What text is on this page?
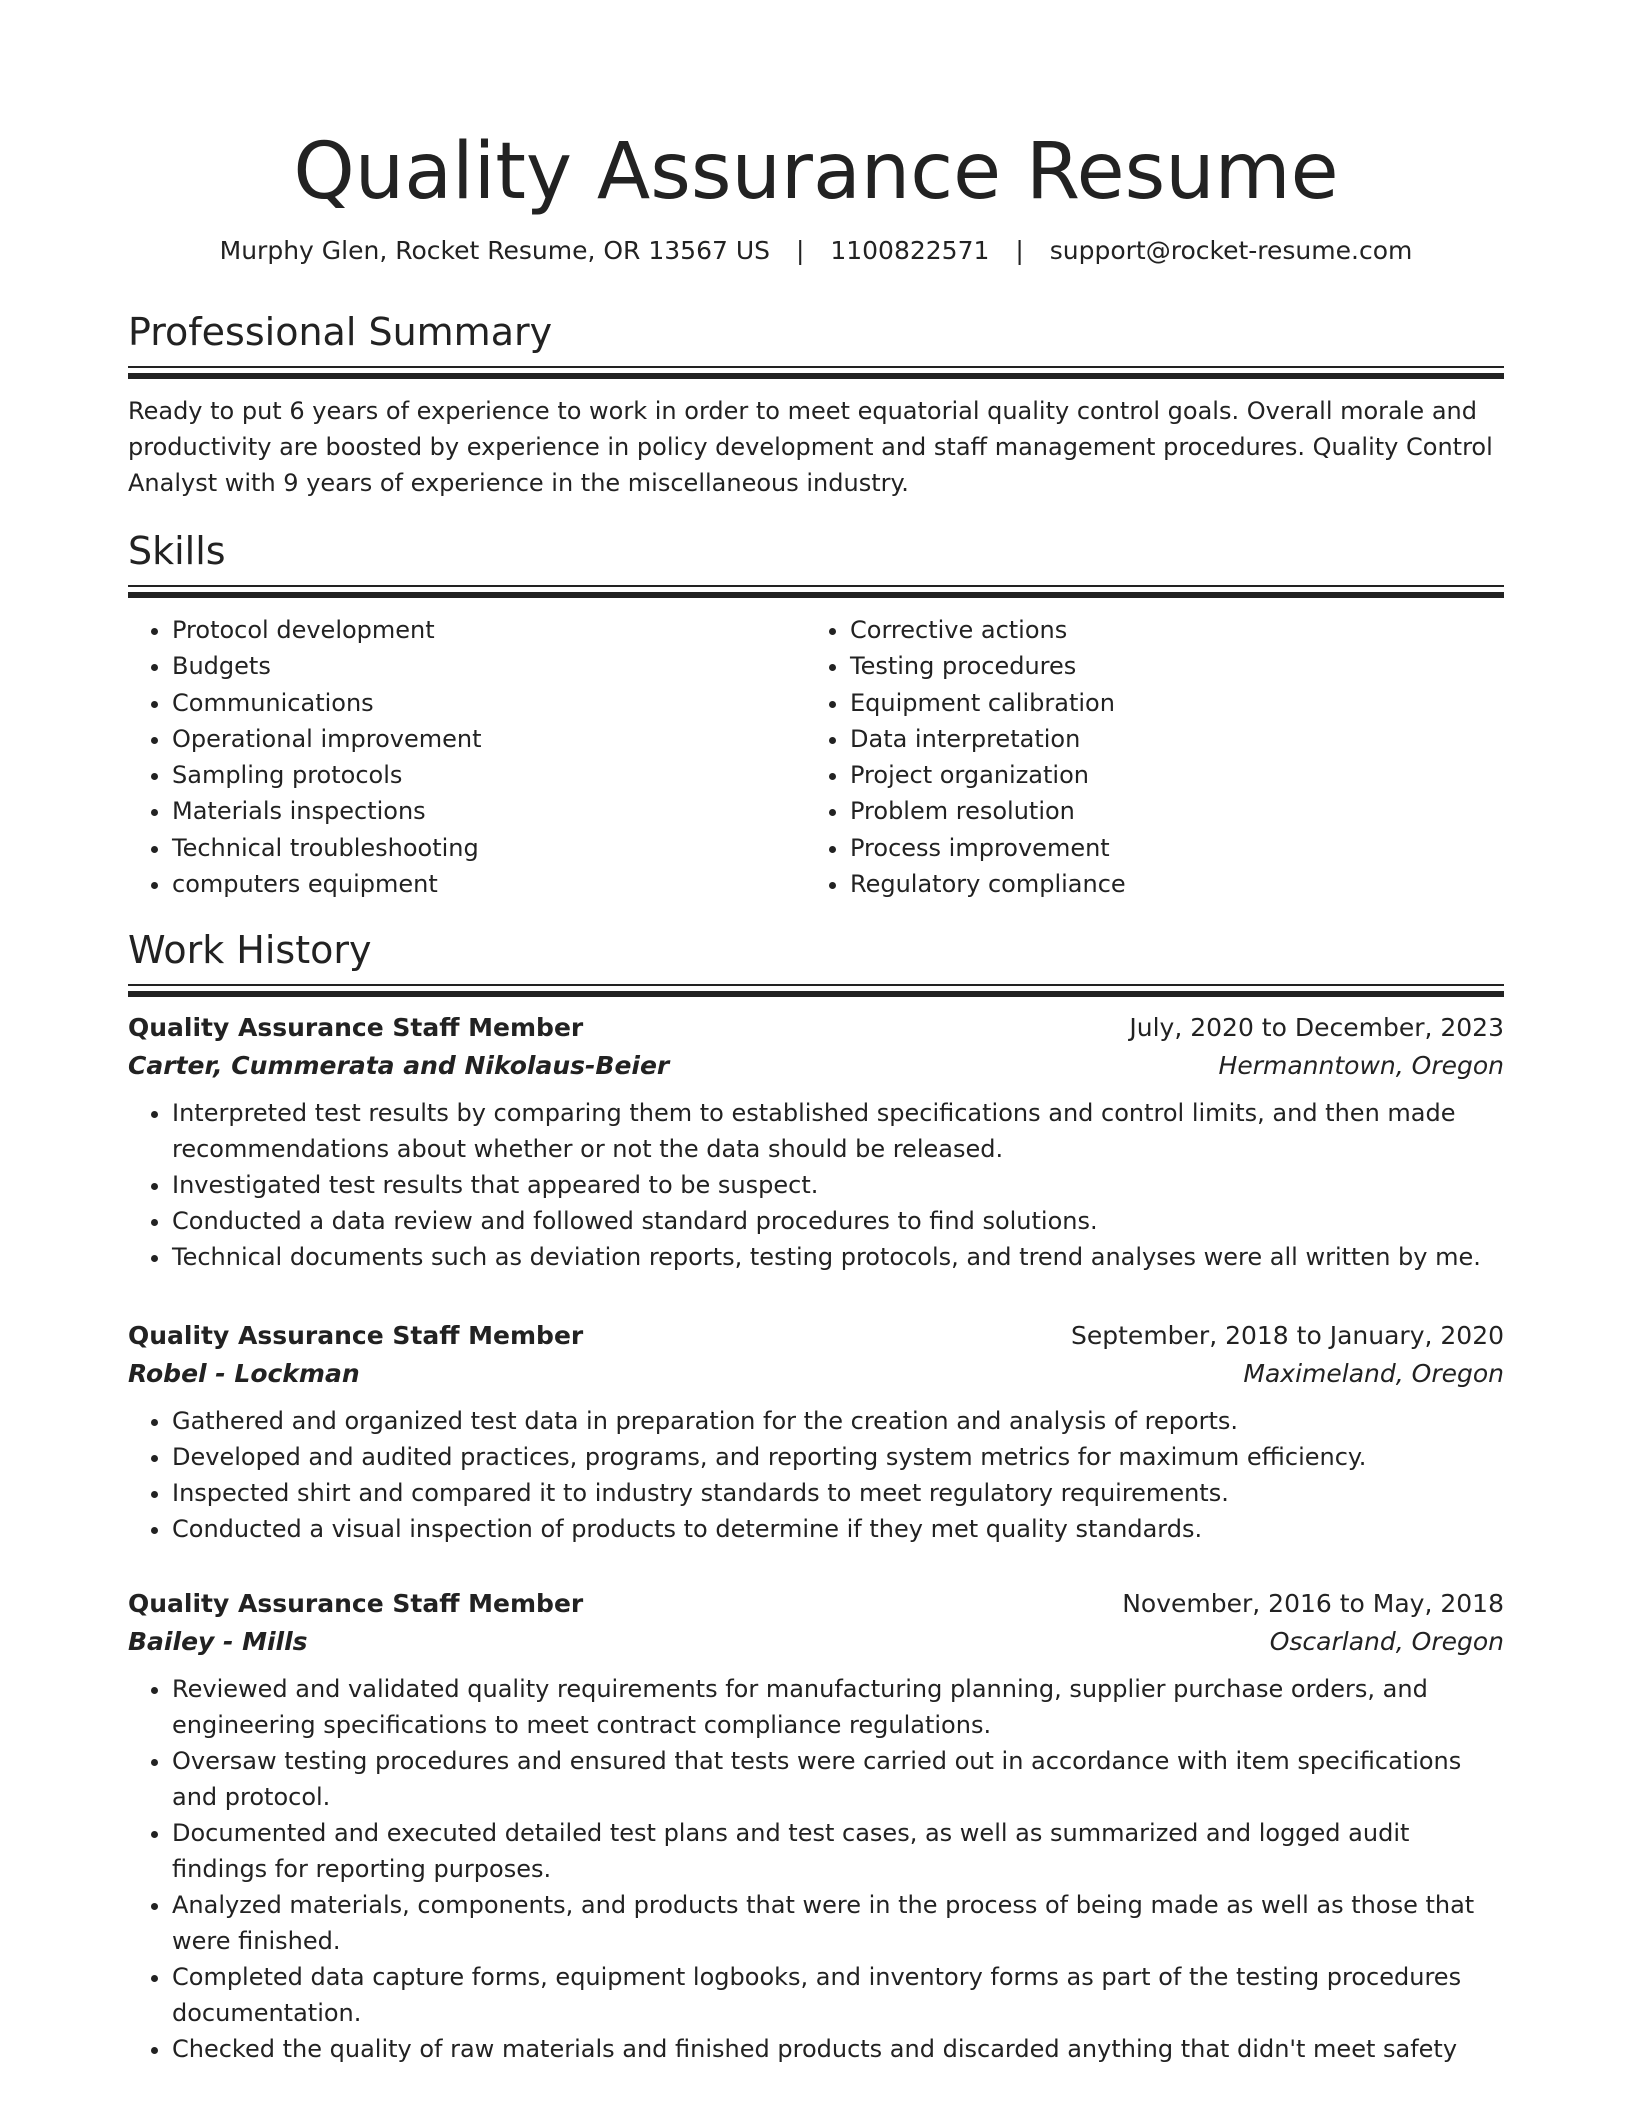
Quality Assurance Resume
Murphy Glen, Rocket Resume, OR 13567 US | 1100822571 | support@rocket-resume.com
Professional Summary
Ready to put 6 years of experience to work in order to meet equatorial quality control goals. Overall morale and productivity are boosted by experience in policy development and staff management procedures. Quality Control Analyst with 9 years of experience in the miscellaneous industry.
Skills
• Protocol development
• Budgets
• Communications
• Operational improvement
• Sampling protocols
• Materials inspections
• Technical troubleshooting
• computers equipment
• Corrective actions
• Testing procedures
• Equipment calibration
• Data interpretation
• Project organization
• Problem resolution
• Process improvement
• Regulatory compliance
Work History
Quality Assurance Staff Member	July, 2020 to December, 2023
Carter, Cummerata and Nikolaus-Beier	Hermanntown, Oregon
• Interpreted test results by comparing them to established specifications and control limits, and then made recommendations about whether or not the data should be released.
• Investigated test results that appeared to be suspect.
• Conducted a data review and followed standard procedures to find solutions.
• Technical documents such as deviation reports, testing protocols, and trend analyses were all written by me.
Quality Assurance Staff Member	September, 2018 to January, 2020
Robel - Lockman	Maximeland, Oregon
• Gathered and organized test data in preparation for the creation and analysis of reports.
• Developed and audited practices, programs, and reporting system metrics for maximum efficiency.
• Inspected shirt and compared it to industry standards to meet regulatory requirements.
• Conducted a visual inspection of products to determine if they met quality standards.
Quality Assurance Staff Member	November, 2016 to May, 2018
Bailey - Mills	Oscarland, Oregon
• Reviewed and validated quality requirements for manufacturing planning, supplier purchase orders, and engineering specifications to meet contract compliance regulations.
• Oversaw testing procedures and ensured that tests were carried out in accordance with item specifications and protocol.
• Documented and executed detailed test plans and test cases, as well as summarized and logged audit findings for reporting purposes.
• Analyzed materials, components, and products that were in the process of being made as well as those that were finished.
• Completed data capture forms, equipment logbooks, and inventory forms as part of the testing procedures documentation.
• Checked the quality of raw materials and finished products and discarded anything that didn't meet safety
